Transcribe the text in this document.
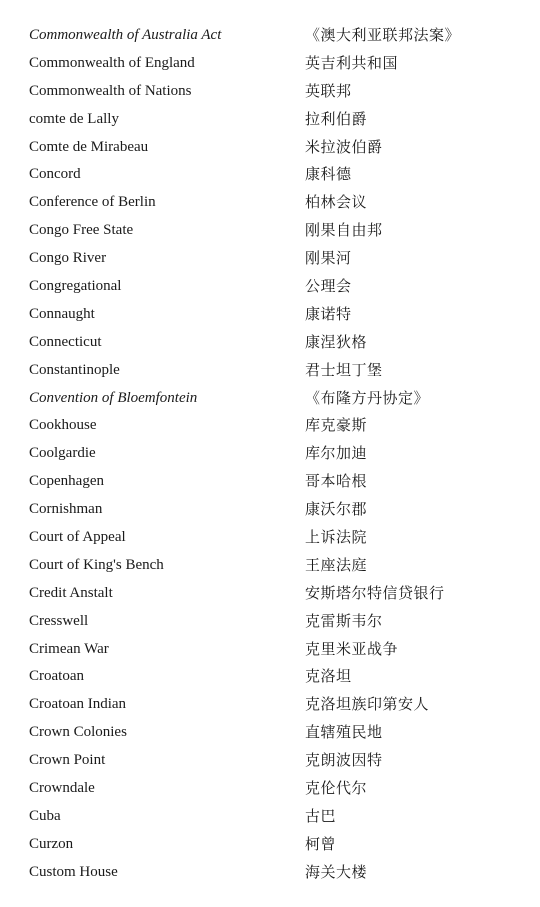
Commonwealth of Australia Act	《澳大利亚联邦法案》
Commonwealth of England	英吉利共和国
Commonwealth of Nations	英联邦
comte de Lally	拉利伯爵
Comte de Mirabeau	米拉波伯爵
Concord	康科德
Conference of Berlin	柏林会议
Congo Free State	刚果自由邦
Congo River	刚果河
Congregational	公理会
Connaught	康诺特
Connecticut	康涅狄格
Constantinople	君士坦丁堡
Convention of Bloemfontein	《布隆方丹协定》
Cookhouse	库克豪斯
Coolgardie	库尔加迪
Copenhagen	哥本哈根
Cornishman	康沃尔郡
Court of Appeal	上诉法院
Court of King's Bench	王座法庭
Credit Anstalt	安斯塔尔特信贷银行
Cresswell	克雷斯韦尔
Crimean War	克里米亚战争
Croatoan	克洛坦
Croatoan Indian	克洛坦族印第安人
Crown Colonies	直辖殖民地
Crown Point	克朗波因特
Crowndale	克伦代尔
Cuba	古巴
Curzon	柯曾
Custom House	海关大楼
